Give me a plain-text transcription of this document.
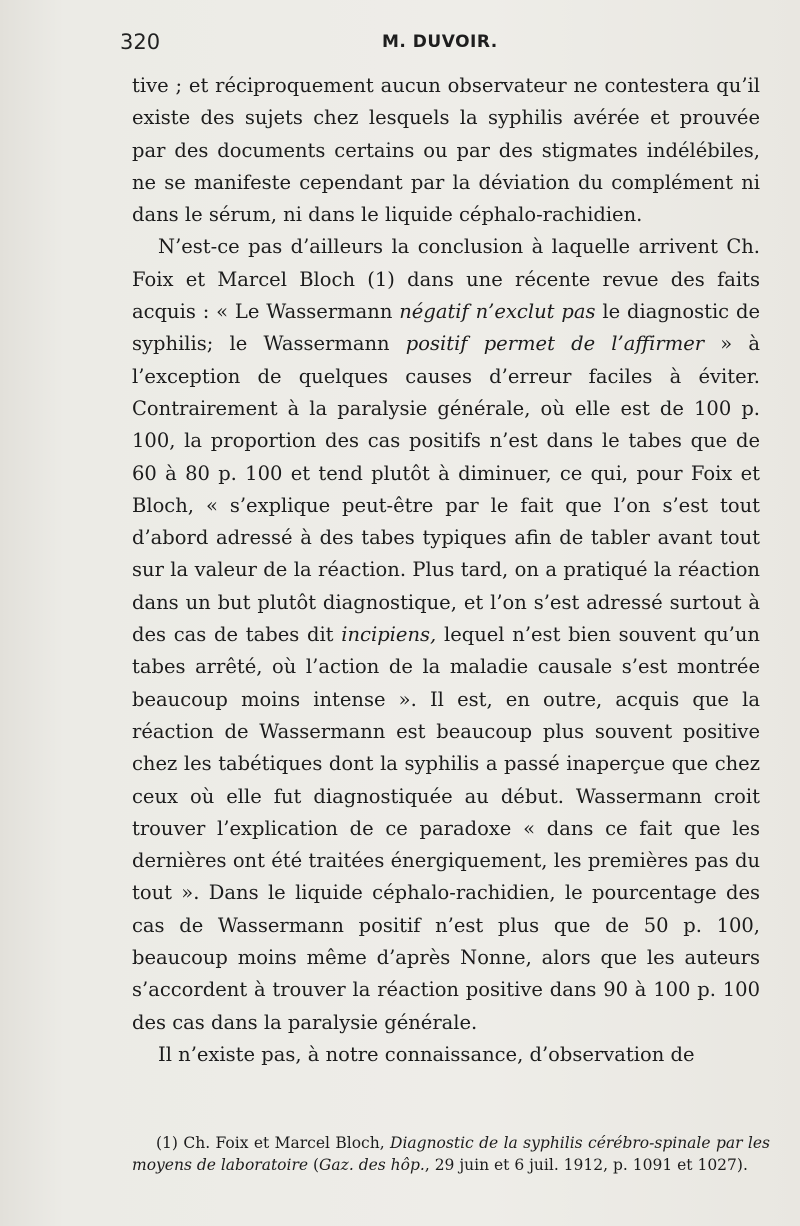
320	M. DUVOIR.

tive ; et réciproquement aucun observateur ne contestera qu’il existe des sujets chez lesquels la syphilis avérée et prouvée par des documents certains ou par des stigmates indélébiles, ne se manifeste cependant par la déviation du complément ni dans le sérum, ni dans le liquide céphalo-rachidien.

N’est-ce pas d’ailleurs la conclusion à laquelle arrivent Ch. Foix et Marcel Bloch (1) dans une récente revue des faits acquis : « Le Wassermann négatif n’exclut pas le diagnostic de syphilis; le Wassermann positif permet de l’affirmer » à l’exception de quelques causes d’erreur faciles à éviter. Contrairement à la paralysie générale, où elle est de 100 p. 100, la proportion des cas positifs n’est dans le tabes que de 60 à 80 p. 100 et tend plutôt à diminuer, ce qui, pour Foix et Bloch, « s’explique peut-être par le fait que l’on s’est tout d’abord adressé à des tabes typiques afin de tabler avant tout sur la valeur de la réaction. Plus tard, on a pratiqué la réaction dans un but plutôt diagnostique, et l’on s’est adressé surtout à des cas de tabes dit incipiens, lequel n’est bien souvent qu’un tabes arrêté, où l’action de la maladie causale s’est montrée beaucoup moins intense ». Il est, en outre, acquis que la réaction de Wassermann est beaucoup plus souvent positive chez les tabétiques dont la syphilis a passé inaperçue que chez ceux où elle fut diagnostiquée au début. Wassermann croit trouver l’explication de ce paradoxe « dans ce fait que les dernières ont été traitées énergiquement, les premières pas du tout ». Dans le liquide céphalo-rachidien, le pourcentage des cas de Wassermann positif n’est plus que de 50 p. 100, beaucoup moins même d’après Nonne, alors que les auteurs s’accordent à trouver la réaction positive dans 90 à 100 p. 100 des cas dans la paralysie générale.

Il n’existe pas, à notre connaissance, d’observation de

(1) Ch. Foix et Marcel Bloch, Diagnostic de la syphilis cérébro-spinale par les moyens de laboratoire (Gaz. des hôp., 29 juin et 6 juil. 1912, p. 1091 et 1027).
